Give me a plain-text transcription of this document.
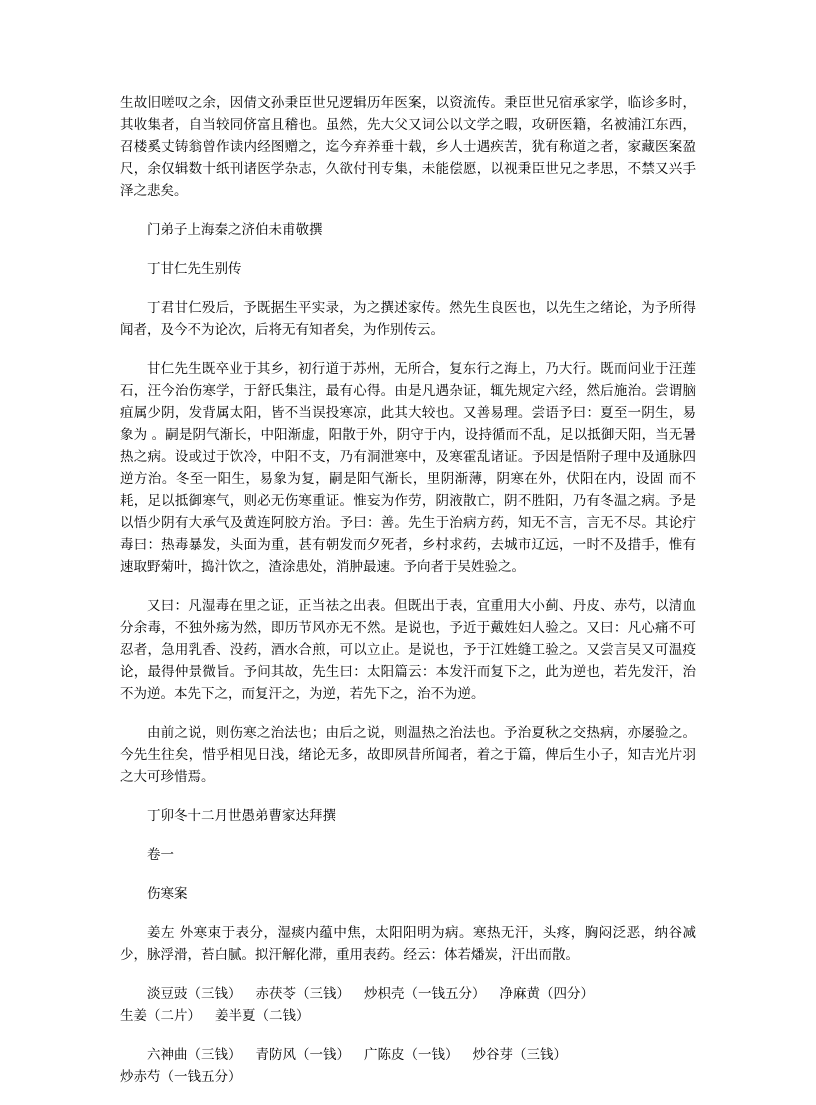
生故旧嗟叹之余，因倩文孙秉臣世兄逻辑历年医案，以资流传。秉臣世兄宿承家学，临诊多时，其收集者，自当较同侪富且稽也。虽然，先大父又词公以文学之暇，攻研医籍，名被浦江东西，召楼奚丈铸翁曾作读内经图赠之，迄今弃养垂十载，乡人士遇疾苦，犹有称道之者，家藏医案盈尺，余仅辑数十纸刊诸医学杂志，久欲付刊专集，未能偿愿，以视秉臣世兄之孝思，不禁又兴手泽之悲矣。

门弟子上海秦之济伯未甫敬撰

丁甘仁先生别传

丁君甘仁殁后，予既据生平实录，为之撰述家传。然先生良医也，以先生之绪论，为予所得闻者，及今不为论次，后将无有知者矣，为作别传云。

甘仁先生既卒业于其乡，初行道于苏州，无所合，复东行之海上，乃大行。既而问业于汪莲石，汪今治伤寒学，于舒氏集注，最有心得。由是凡遇杂证，辄先规定六经，然后施治。尝谓脑疽属少阴，发背属太阳，皆不当误投寒凉，此其大较也。又善易理。尝语予曰：夏至一阴生，易象为 。嗣是阴气渐长，中阳渐虚，阳散于外，阴守于内，设持循而不乱，足以抵御天阳，当无暑热之病。设或过于饮冷，中阳不支，乃有洞泄寒中，及寒霍乱诸证。予因是悟附子理中及通脉四逆方治。冬至一阳生，易象为复，嗣是阳气渐长，里阴渐薄，阴寒在外，伏阳在内，设固 而不耗，足以抵御寒气，则必无伤寒重证。惟妄为作劳，阴液散亡，阴不胜阳，乃有冬温之病。予是以悟少阴有大承气及黄连阿胶方治。予曰：善。先生于治病方药，知无不言，言无不尽。其论疔毒曰：热毒暴发，头面为重，甚有朝发而夕死者，乡村求药，去城市辽远，一时不及措手，惟有速取野菊叶，捣汁饮之，渣涂患处，消肿最速。予向者于吴姓验之。

又曰：凡湿毒在里之证，正当祛之出表。但既出于表，宜重用大小蓟、丹皮、赤芍，以清血分余毒，不独外疡为然，即历节风亦无不然。是说也，予近于戴姓妇人验之。又曰：凡心痛不可忍者，急用乳香、没药，酒水合煎，可以立止。是说也，予于江姓缝工验之。又尝言吴又可温疫论，最得仲景微旨。予问其故，先生曰：太阳篇云：本发汗而复下之，此为逆也，若先发汗，治不为逆。本先下之，而复汗之，为逆，若先下之，治不为逆。

由前之说，则伤寒之治法也；由后之说，则温热之治法也。予治夏秋之交热病，亦屡验之。今先生往矣，惜乎相见日浅，绪论无多，故即夙昔所闻者，着之于篇，俾后生小子，知吉光片羽之大可珍惜焉。

丁卯冬十二月世愚弟曹家达拜撰

卷一

伤寒案

姜左 外寒束于表分，湿痰内蕴中焦，太阳阳明为病。寒热无汗，头疼，胸闷泛恶，纳谷减少，脉浮滑，苔白腻。拟汗解化滞，重用表药。经云：体若燔炭，汗出而散。

淡豆豉（三钱） 赤茯苓（三钱） 炒枳壳（一钱五分） 净麻黄（四分）生姜（二片） 姜半夏（二钱）

六神曲（三钱） 青防风（一钱） 广陈皮（一钱） 炒谷芽（三钱）炒赤芍（一钱五分）
